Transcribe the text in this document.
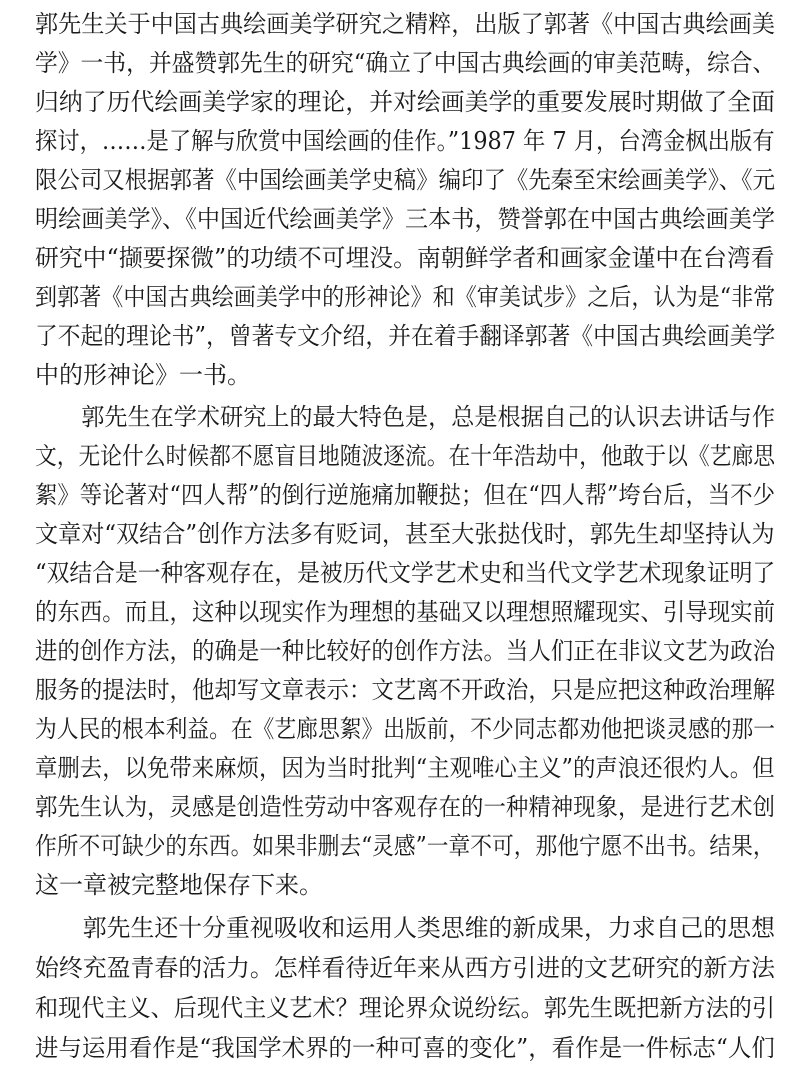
郭先生关于中国古典绘画美学研究之精粹，出版了郭著《中国古典绘画美
学》一书，并盛赞郭先生的研究“确立了中国古典绘画的审美范畴，综合、
归纳了历代绘画美学家的理论，并对绘画美学的重要发展时期做了全面
探讨，……是了解与欣赏中国绘画的佳作。”1987 年 7 月，台湾金枫出版有
限公司又根据郭著《中国绘画美学史稿》编印了《先秦至宋绘画美学》、《元
明绘画美学》、《中国近代绘画美学》三本书，赞誉郭在中国古典绘画美学
研究中“撷要探微”的功绩不可埋没。南朝鲜学者和画家金谨中在台湾看
到郭著《中国古典绘画美学中的形神论》和《审美试步》之后，认为是“非常
了不起的理论书”，曾著专文介绍，并在着手翻译郭著《中国古典绘画美学
中的形神论》一书。
　　郭先生在学术研究上的最大特色是，总是根据自己的认识去讲话与作
文，无论什么时候都不愿盲目地随波逐流。在十年浩劫中，他敢于以《艺廊思
絮》等论著对“四人帮”的倒行逆施痛加鞭挞；但在“四人帮”垮台后，当不少
文章对“双结合”创作方法多有贬词，甚至大张挞伐时，郭先生却坚持认为
“双结合是一种客观存在，是被历代文学艺术史和当代文学艺术现象证明了
的东西。而且，这种以现实作为理想的基础又以理想照耀现实、引导现实前
进的创作方法，的确是一种比较好的创作方法。当人们正在非议文艺为政治
服务的提法时，他却写文章表示：文艺离不开政治，只是应把这种政治理解
为人民的根本利益。在《艺廊思絮》出版前，不少同志都劝他把谈灵感的那一
章删去，以免带来麻烦，因为当时批判“主观唯心主义”的声浪还很灼人。但
郭先生认为，灵感是创造性劳动中客观存在的一种精神现象，是进行艺术创
作所不可缺少的东西。如果非删去“灵感”一章不可，那他宁愿不出书。结果，
这一章被完整地保存下来。
　　郭先生还十分重视吸收和运用人类思维的新成果，力求自己的思想
始终充盈青春的活力。怎样看待近年来从西方引进的文艺研究的新方法
和现代主义、后现代主义艺术？理论界众说纷纭。郭先生既把新方法的引
进与运用看作是“我国学术界的一种可喜的变化”，看作是一件标志“人们
